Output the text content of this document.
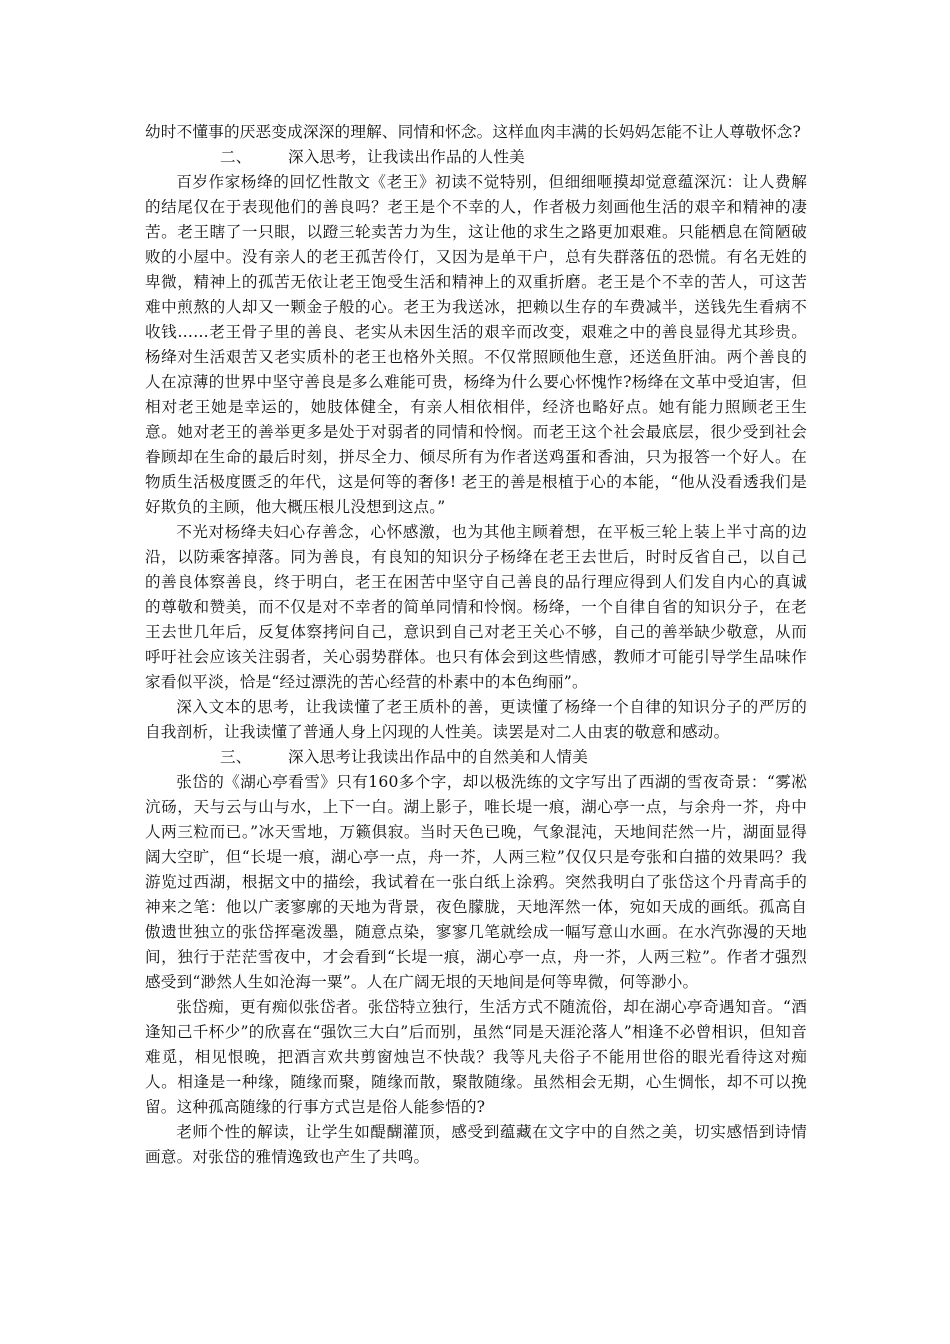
幼时不懂事的厌恶变成深深的理解、同情和怀念。这样血肉丰满的长妈妈怎能不让人尊敬怀念?

二、 深入思考，让我读出作品的人性美

百岁作家杨绛的回忆性散文《老王》初读不觉特别，但细细咂摸却觉意蕴深沉：让人费解的结尾仅在于表现他们的善良吗？老王是个不幸的人，作者极力刻画他生活的艰辛和精神的凄苦。老王瞎了一只眼，以蹬三轮卖苦力为生，这让他的求生之路更加艰难。只能栖息在简陋破败的小屋中。没有亲人的老王孤苦伶仃，又因为是单干户，总有失群落伍的恐慌。有名无姓的卑微，精神上的孤苦无依让老王饱受生活和精神上的双重折磨。老王是个不幸的苦人，可这苦难中煎熬的人却又一颗金子般的心。老王为我送冰，把赖以生存的车费减半，送钱先生看病不收钱……老王骨子里的善良、老实从未因生活的艰辛而改变，艰难之中的善良显得尤其珍贵。杨绛对生活艰苦又老实质朴的老王也格外关照。不仅常照顾他生意，还送鱼肝油。两个善良的人在凉薄的世界中坚守善良是多么难能可贵，杨绛为什么要心怀愧怍?杨绛在文革中受迫害，但相对老王她是幸运的，她肢体健全，有亲人相依相伴，经济也略好点。她有能力照顾老王生意。她对老王的善举更多是处于对弱者的同情和怜悯。而老王这个社会最底层，很少受到社会眷顾却在生命的最后时刻，拼尽全力、倾尽所有为作者送鸡蛋和香油，只为报答一个好人。在物质生活极度匮乏的年代，这是何等的奢侈! 老王的善是根植于心的本能，“他从没看透我们是好欺负的主顾，他大概压根儿没想到这点。”

不光对杨绛夫妇心存善念，心怀感激，也为其他主顾着想，在平板三轮上装上半寸高的边沿，以防乘客掉落。同为善良，有良知的知识分子杨绛在老王去世后，时时反省自己，以自己的善良体察善良，终于明白，老王在困苦中坚守自己善良的品行理应得到人们发自内心的真诚的尊敬和赞美，而不仅是对不幸者的简单同情和怜悯。杨绛，一个自律自省的知识分子，在老王去世几年后，反复体察拷问自己，意识到自己对老王关心不够，自己的善举缺少敬意，从而呼吁社会应该关注弱者，关心弱势群体。也只有体会到这些情感，教师才可能引导学生品味作家看似平淡，恰是“经过漂洗的苦心经营的朴素中的本色绚丽”。

深入文本的思考，让我读懂了老王质朴的善，更读懂了杨绛一个自律的知识分子的严厉的自我剖析，让我读懂了普通人身上闪现的人性美。读罢是对二人由衷的敬意和感动。

三、 深入思考让我读出作品中的自然美和人情美

张岱的《湖心亭看雪》只有160多个字，却以极洗练的文字写出了西湖的雪夜奇景：“雾凇沆砀，天与云与山与水，上下一白。湖上影子，唯长堤一痕，湖心亭一点，与余舟一芥，舟中人两三粒而已。”冰天雪地，万籁俱寂。当时天色已晚，气象混沌，天地间茫然一片，湖面显得阔大空旷，但“长堤一痕，湖心亭一点，舟一芥，人两三粒”仅仅只是夸张和白描的效果吗？我游览过西湖，根据文中的描绘，我试着在一张白纸上涂鸦。突然我明白了张岱这个丹青高手的神来之笔：他以广袤寥廓的天地为背景，夜色朦胧，天地浑然一体，宛如天成的画纸。孤高自傲遗世独立的张岱挥毫泼墨，随意点染，寥寥几笔就绘成一幅写意山水画。在水汽弥漫的天地间，独行于茫茫雪夜中，才会看到“长堤一痕，湖心亭一点，舟一芥，人两三粒”。作者才强烈感受到“渺然人生如沧海一粟”。人在广阔无垠的天地间是何等卑微，何等渺小。

张岱痴，更有痴似张岱者。张岱特立独行，生活方式不随流俗，却在湖心亭奇遇知音。“酒逢知己千杯少”的欣喜在“强饮三大白”后而别，虽然“同是天涯沦落人”相逢不必曾相识，但知音难觅，相见恨晚，把酒言欢共剪窗烛岂不快哉？我等凡夫俗子不能用世俗的眼光看待这对痴人。相逢是一种缘，随缘而聚，随缘而散，聚散随缘。虽然相会无期，心生惆怅，却不可以挽留。这种孤高随缘的行事方式岂是俗人能参悟的?

老师个性的解读，让学生如醍醐灌顶，感受到蕴藏在文字中的自然之美，切实感悟到诗情画意。对张岱的雅情逸致也产生了共鸣。
